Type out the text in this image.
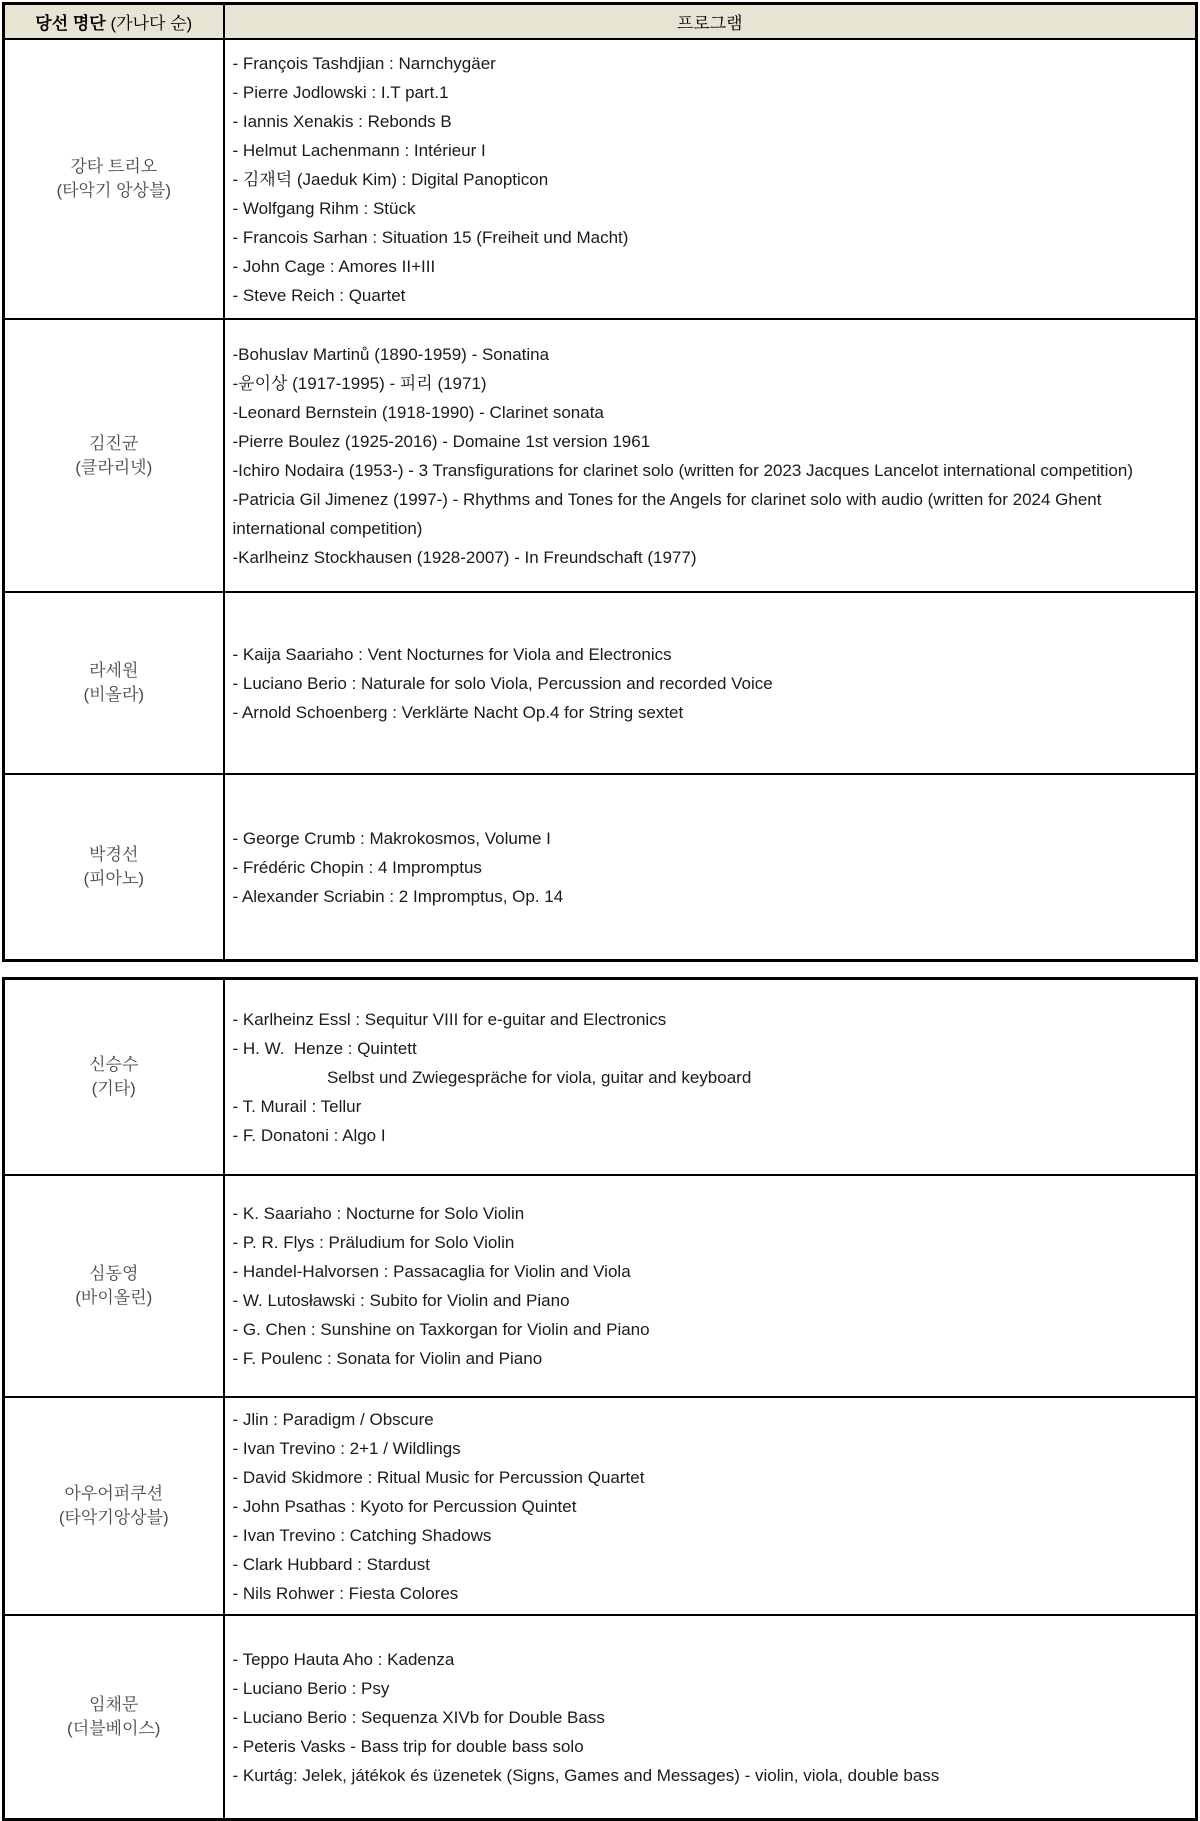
당선 명단 (가나다 순)	프로그램

강타 트리오
(타악기 앙상블)

- François Tashdjian : Narnchygäer
- Pierre Jodlowski : I.T part.1
- Iannis Xenakis : Rebonds B
- Helmut Lachenmann : Intérieur I
- 김재덕 (Jaeduk Kim) : Digital Panopticon
- Wolfgang Rihm : Stück
- Francois Sarhan : Situation 15 (Freiheit und Macht)
- John Cage : Amores II+III
- Steve Reich : Quartet

김진균
(클라리넷)

-Bohuslav Martinů (1890-1959) - Sonatina
-윤이상 (1917-1995) - 피리 (1971)
-Leonard Bernstein (1918-1990) - Clarinet sonata
-Pierre Boulez (1925-2016) - Domaine 1st version 1961
-Ichiro Nodaira (1953-) - 3 Transfigurations for clarinet solo (written for 2023 Jacques Lancelot international competition)
-Patricia Gil Jimenez (1997-) - Rhythms and Tones for the Angels for clarinet solo with audio (written for 2024 Ghent international competition)
-Karlheinz Stockhausen (1928-2007) - In Freundschaft (1977)

라세원
(비올라)

- Kaija Saariaho : Vent Nocturnes for Viola and Electronics
- Luciano Berio : Naturale for solo Viola, Percussion and recorded Voice
- Arnold Schoenberg : Verklärte Nacht Op.4 for String sextet

박경선
(피아노)

- George Crumb : Makrokosmos, Volume I
- Frédéric Chopin : 4 Impromptus
- Alexander Scriabin : 2 Impromptus, Op. 14
신승수
(기타)

- Karlheinz Essl : Sequitur VIII for e-guitar and Electronics
- H. W.  Henze : Quintett
Selbst und Zwiegespräche for viola, guitar and keyboard
- T. Murail : Tellur
- F. Donatoni : Algo I

심동영
(바이올린)

- K. Saariaho : Nocturne for Solo Violin
- P. R. Flys : Präludium for Solo Violin
- Handel-Halvorsen : Passacaglia for Violin and Viola
- W. Lutosławski : Subito for Violin and Piano
- G. Chen : Sunshine on Taxkorgan for Violin and Piano
- F. Poulenc : Sonata for Violin and Piano

아우어퍼쿠션
(타악기앙상블)

- Jlin : Paradigm / Obscure
- Ivan Trevino : 2+1 / Wildlings
- David Skidmore : Ritual Music for Percussion Quartet
- John Psathas : Kyoto for Percussion Quintet
- Ivan Trevino : Catching Shadows
- Clark Hubbard : Stardust
- Nils Rohwer : Fiesta Colores

임채문
(더블베이스)

- Teppo Hauta Aho : Kadenza
- Luciano Berio : Psy
- Luciano Berio : Sequenza XIVb for Double Bass
- Peteris Vasks - Bass trip for double bass solo
- Kurtág: Jelek, játékok és üzenetek (Signs, Games and Messages) - violin, viola, double bass
